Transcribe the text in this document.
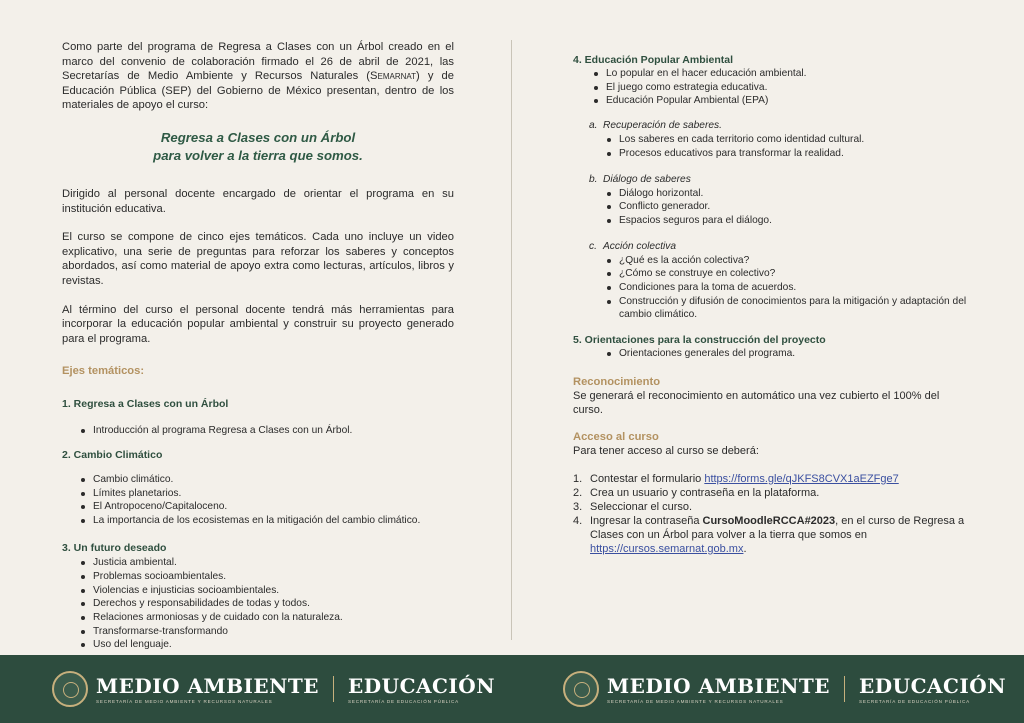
Como parte del programa de Regresa a Clases con un Árbol creado en el marco del convenio de colaboración firmado el 26 de abril de 2021, las Secretarías de Medio Ambiente y Recursos Naturales (Semarnat) y de Educación Pública (SEP) del Gobierno de México presentan, dentro de los materiales de apoyo el curso:

Regresa a Clases con un Árbol
para volver a la tierra que somos.

Dirigido al personal docente encargado de orientar el programa en su institución educativa.

El curso se compone de cinco ejes temáticos. Cada uno incluye un video explicativo, una serie de preguntas para reforzar los saberes y conceptos abordados, así como material de apoyo extra como lecturas, artículos, libros y revistas.

Al término del curso el personal docente tendrá más herramientas para incorporar la educación popular ambiental y construir su proyecto generado para el programa.

Ejes temáticos:
1. Regresa a Clases con un Árbol
Introducción al programa Regresa a Clases con un Árbol.
2. Cambio Climático
Cambio climático.
Límites planetarios.
El Antropoceno/Capitaloceno.
La importancia de los ecosistemas en la mitigación del cambio climático.
3. Un futuro deseado
Justicia ambiental.
Problemas socioambientales.
Violencias e injusticias socioambientales.
Derechos y responsabilidades de todas y todos.
Relaciones armoniosas y de cuidado con la naturaleza.
Transformarse-transformando
Uso del lenguaje.
4. Educación Popular Ambiental
Lo popular en el hacer educación ambiental.
El juego como estrategia educativa.
Educación Popular Ambiental (EPA)
a. Recuperación de saberes.
Los saberes en cada territorio como identidad cultural.
Procesos educativos para transformar la realidad.
b. Diálogo de saberes
Diálogo horizontal.
Conflicto generador.
Espacios seguros para el diálogo.
c. Acción colectiva
¿Qué es la acción colectiva?
¿Cómo se construye en colectivo?
Condiciones para la toma de acuerdos.
Construcción y difusión de conocimientos para la mitigación y adaptación del cambio climático.
5. Orientaciones para la construcción del proyecto
Orientaciones generales del programa.
Reconocimiento

Se generará el reconocimiento en automático una vez cubierto el 100% del curso.

Acceso al curso

Para tener acceso al curso se deberá:

1. Contestar el formulario https://forms.gle/qJKFS8CVX1aEZFge7
2. Crea un usuario y contraseña en la plataforma.
3. Seleccionar el curso.
4. Ingresar la contraseña CursoMoodleRCCA#2023, en el curso de Regresa a Clases con un Árbol para volver a la tierra que somos en https://cursos.semarnat.gob.mx.
MEDIO AMBIENTE
SECRETARÍA DE MEDIO AMBIENTE Y RECURSOS NATURALES
EDUCACIÓN
SECRETARÍA DE EDUCACIÓN PÚBLICA
MEDIO AMBIENTE
SECRETARÍA DE MEDIO AMBIENTE Y RECURSOS NATURALES
EDUCACIÓN
SECRETARÍA DE EDUCACIÓN PÚBLICA
